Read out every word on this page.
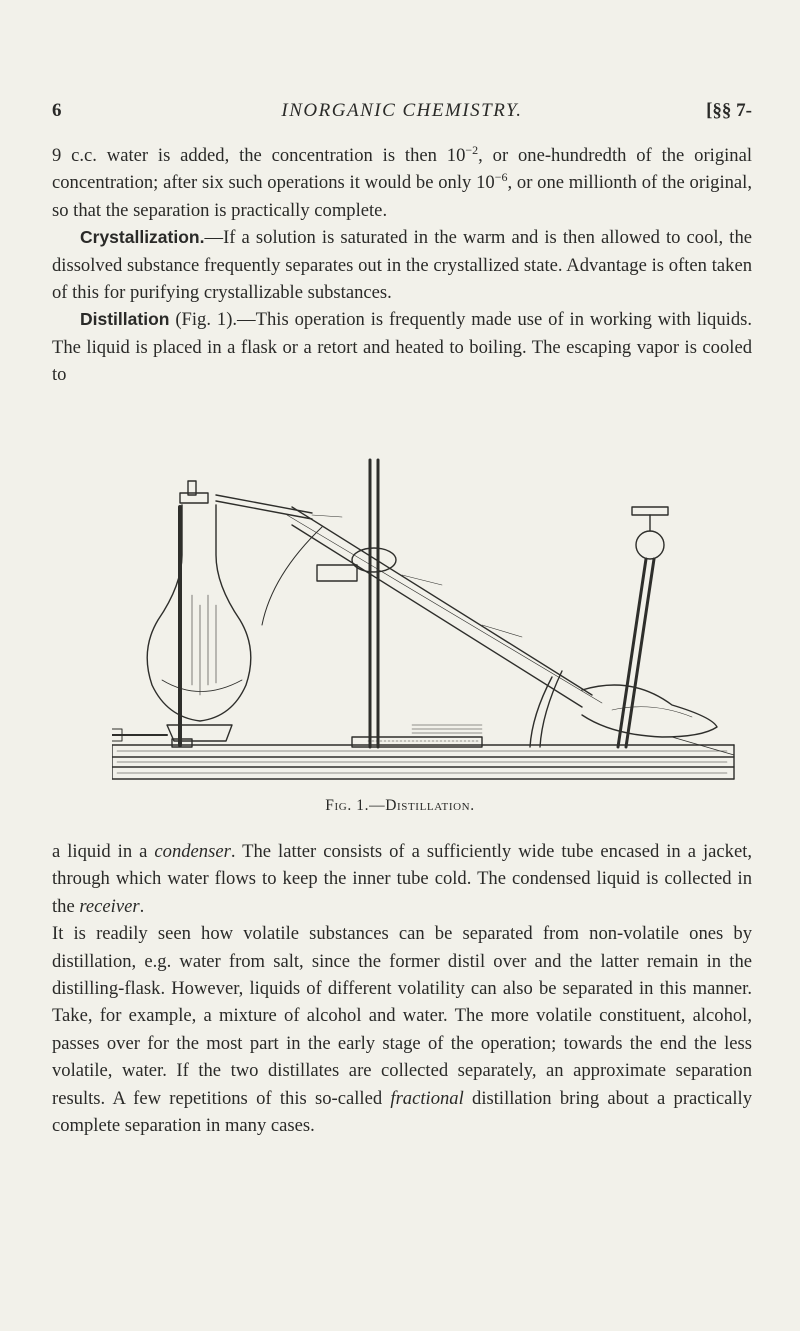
6	INORGANIC CHEMISTRY.	[§§ 7-

9 c.c. water is added, the concentration is then $10^{-2}$, or one-hundredth of the original concentration; after six such operations it would be only $10^{-6}$, or one millionth of the original, so that the separation is practically complete.

Crystallization.—If a solution is saturated in the warm and is then allowed to cool, the dissolved substance frequently separates out in the crystallized state. Advantage is often taken of this for purifying crystallizable substances.

Distillation (Fig. 1).—This operation is frequently made use of in working with liquids. The liquid is placed in a flask or a retort and heated to boiling. The escaping vapor is cooled to

Fig. 1.—Distillation.

a liquid in a condenser. The latter consists of a sufficiently wide tube encased in a jacket, through which water flows to keep the inner tube cold. The condensed liquid is collected in the receiver.

It is readily seen how volatile substances can be separated from non-volatile ones by distillation, e.g. water from salt, since the former distil over and the latter remain in the distilling-flask. However, liquids of different volatility can also be separated in this manner. Take, for example, a mixture of alcohol and water. The more volatile constituent, alcohol, passes over for the most part in the early stage of the operation; towards the end the less volatile, water. If the two distillates are collected separately, an approximate separation results. A few repetitions of this so-called fractional distillation bring about a practically complete separation in many cases.
